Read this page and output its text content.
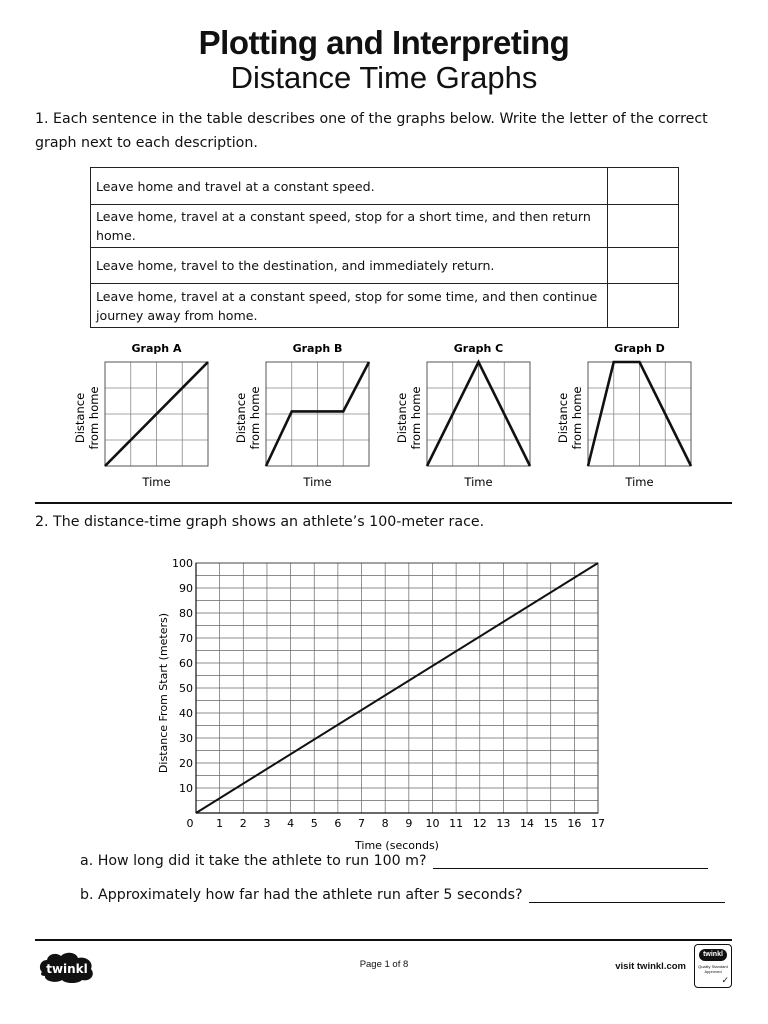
Plotting and Interpreting
Distance Time Graphs
1. Each sentence in the table describes one of the graphs below. Write the letter of the correct graph next to each description.
Leave home and travel at a constant speed.	
Leave home, travel at a constant speed, stop for a short time, and then return home.	
Leave home, travel to the destination, and immediately return.	
Leave home, travel at a constant speed, stop for some time, and then continue journey away from home.	
Graph A
Time
Distancefrom home
Graph B
Time
Distancefrom home
Graph C
Time
Distancefrom home
Graph D
Time
Distancefrom home
2. The distance-time graph shows an athlete’s 100-meter race.
0 1 2 3 4 5 6 7 8 9 10 11 12 13 14 15 16 17
10
20
30
40
50
60
70
80
90
100
Time (seconds)
Distance From Start (meters)
a. How long did it take the athlete to run 100 m?
b. Approximately how far had the athlete run after 5 seconds?
twinkl	Page 1 of 8	visit twinkl.com
twinkl
Quality Standard Approved
✓
